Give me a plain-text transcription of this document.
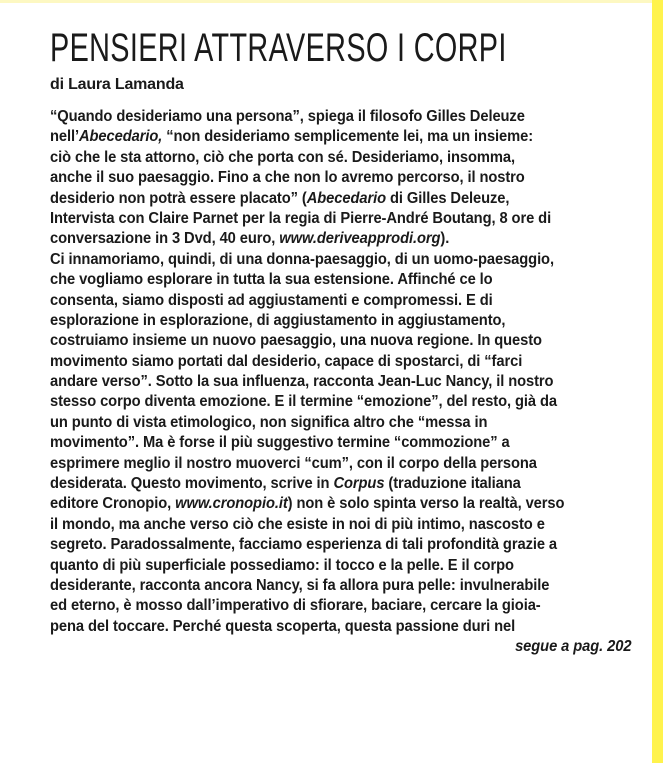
PENSIERI ATTRAVERSO I CORPI
di Laura Lamanda
“Quando desideriamo una persona”, spiega il filosofo Gilles Deleuze
nell’Abecedario, “non desideriamo semplicemente lei, ma un insieme:
ciò che le sta attorno, ciò che porta con sé. Desideriamo, insomma,
anche il suo paesaggio. Fino a che non lo avremo percorso, il nostro
desiderio non potrà essere placato” (Abecedario di Gilles Deleuze,
Intervista con Claire Parnet per la regia di Pierre-André Boutang, 8 ore di
conversazione in 3 Dvd, 40 euro, www.deriveapprodi.org).
Ci innamoriamo, quindi, di una donna-paesaggio, di un uomo-paesaggio,
che vogliamo esplorare in tutta la sua estensione. Affinché ce lo
consenta, siamo disposti ad aggiustamenti e compromessi. E di
esplorazione in esplorazione, di aggiustamento in aggiustamento,
costruiamo insieme un nuovo paesaggio, una nuova regione. In questo
movimento siamo portati dal desiderio, capace di spostarci, di “farci
andare verso”. Sotto la sua influenza, racconta Jean-Luc Nancy, il nostro
stesso corpo diventa emozione. E il termine “emozione”, del resto, già da
un punto di vista etimologico, non significa altro che “messa in
movimento”. Ma è forse il più suggestivo termine “commozione” a
esprimere meglio il nostro muoverci “cum”, con il corpo della persona
desiderata. Questo movimento, scrive in Corpus (traduzione italiana
editore Cronopio, www.cronopio.it) non è solo spinta verso la realtà, verso
il mondo, ma anche verso ciò che esiste in noi di più intimo, nascosto e
segreto. Paradossalmente, facciamo esperienza di tali profondità grazie a
quanto di più superficiale possediamo: il tocco e la pelle. E il corpo
desiderante, racconta ancora Nancy, si fa allora pura pelle: invulnerabile
ed eterno, è mosso dall’imperativo di sfiorare, baciare, cercare la gioia-
pena del toccare. Perché questa scoperta, questa passione duri nel
segue a pag. 202
